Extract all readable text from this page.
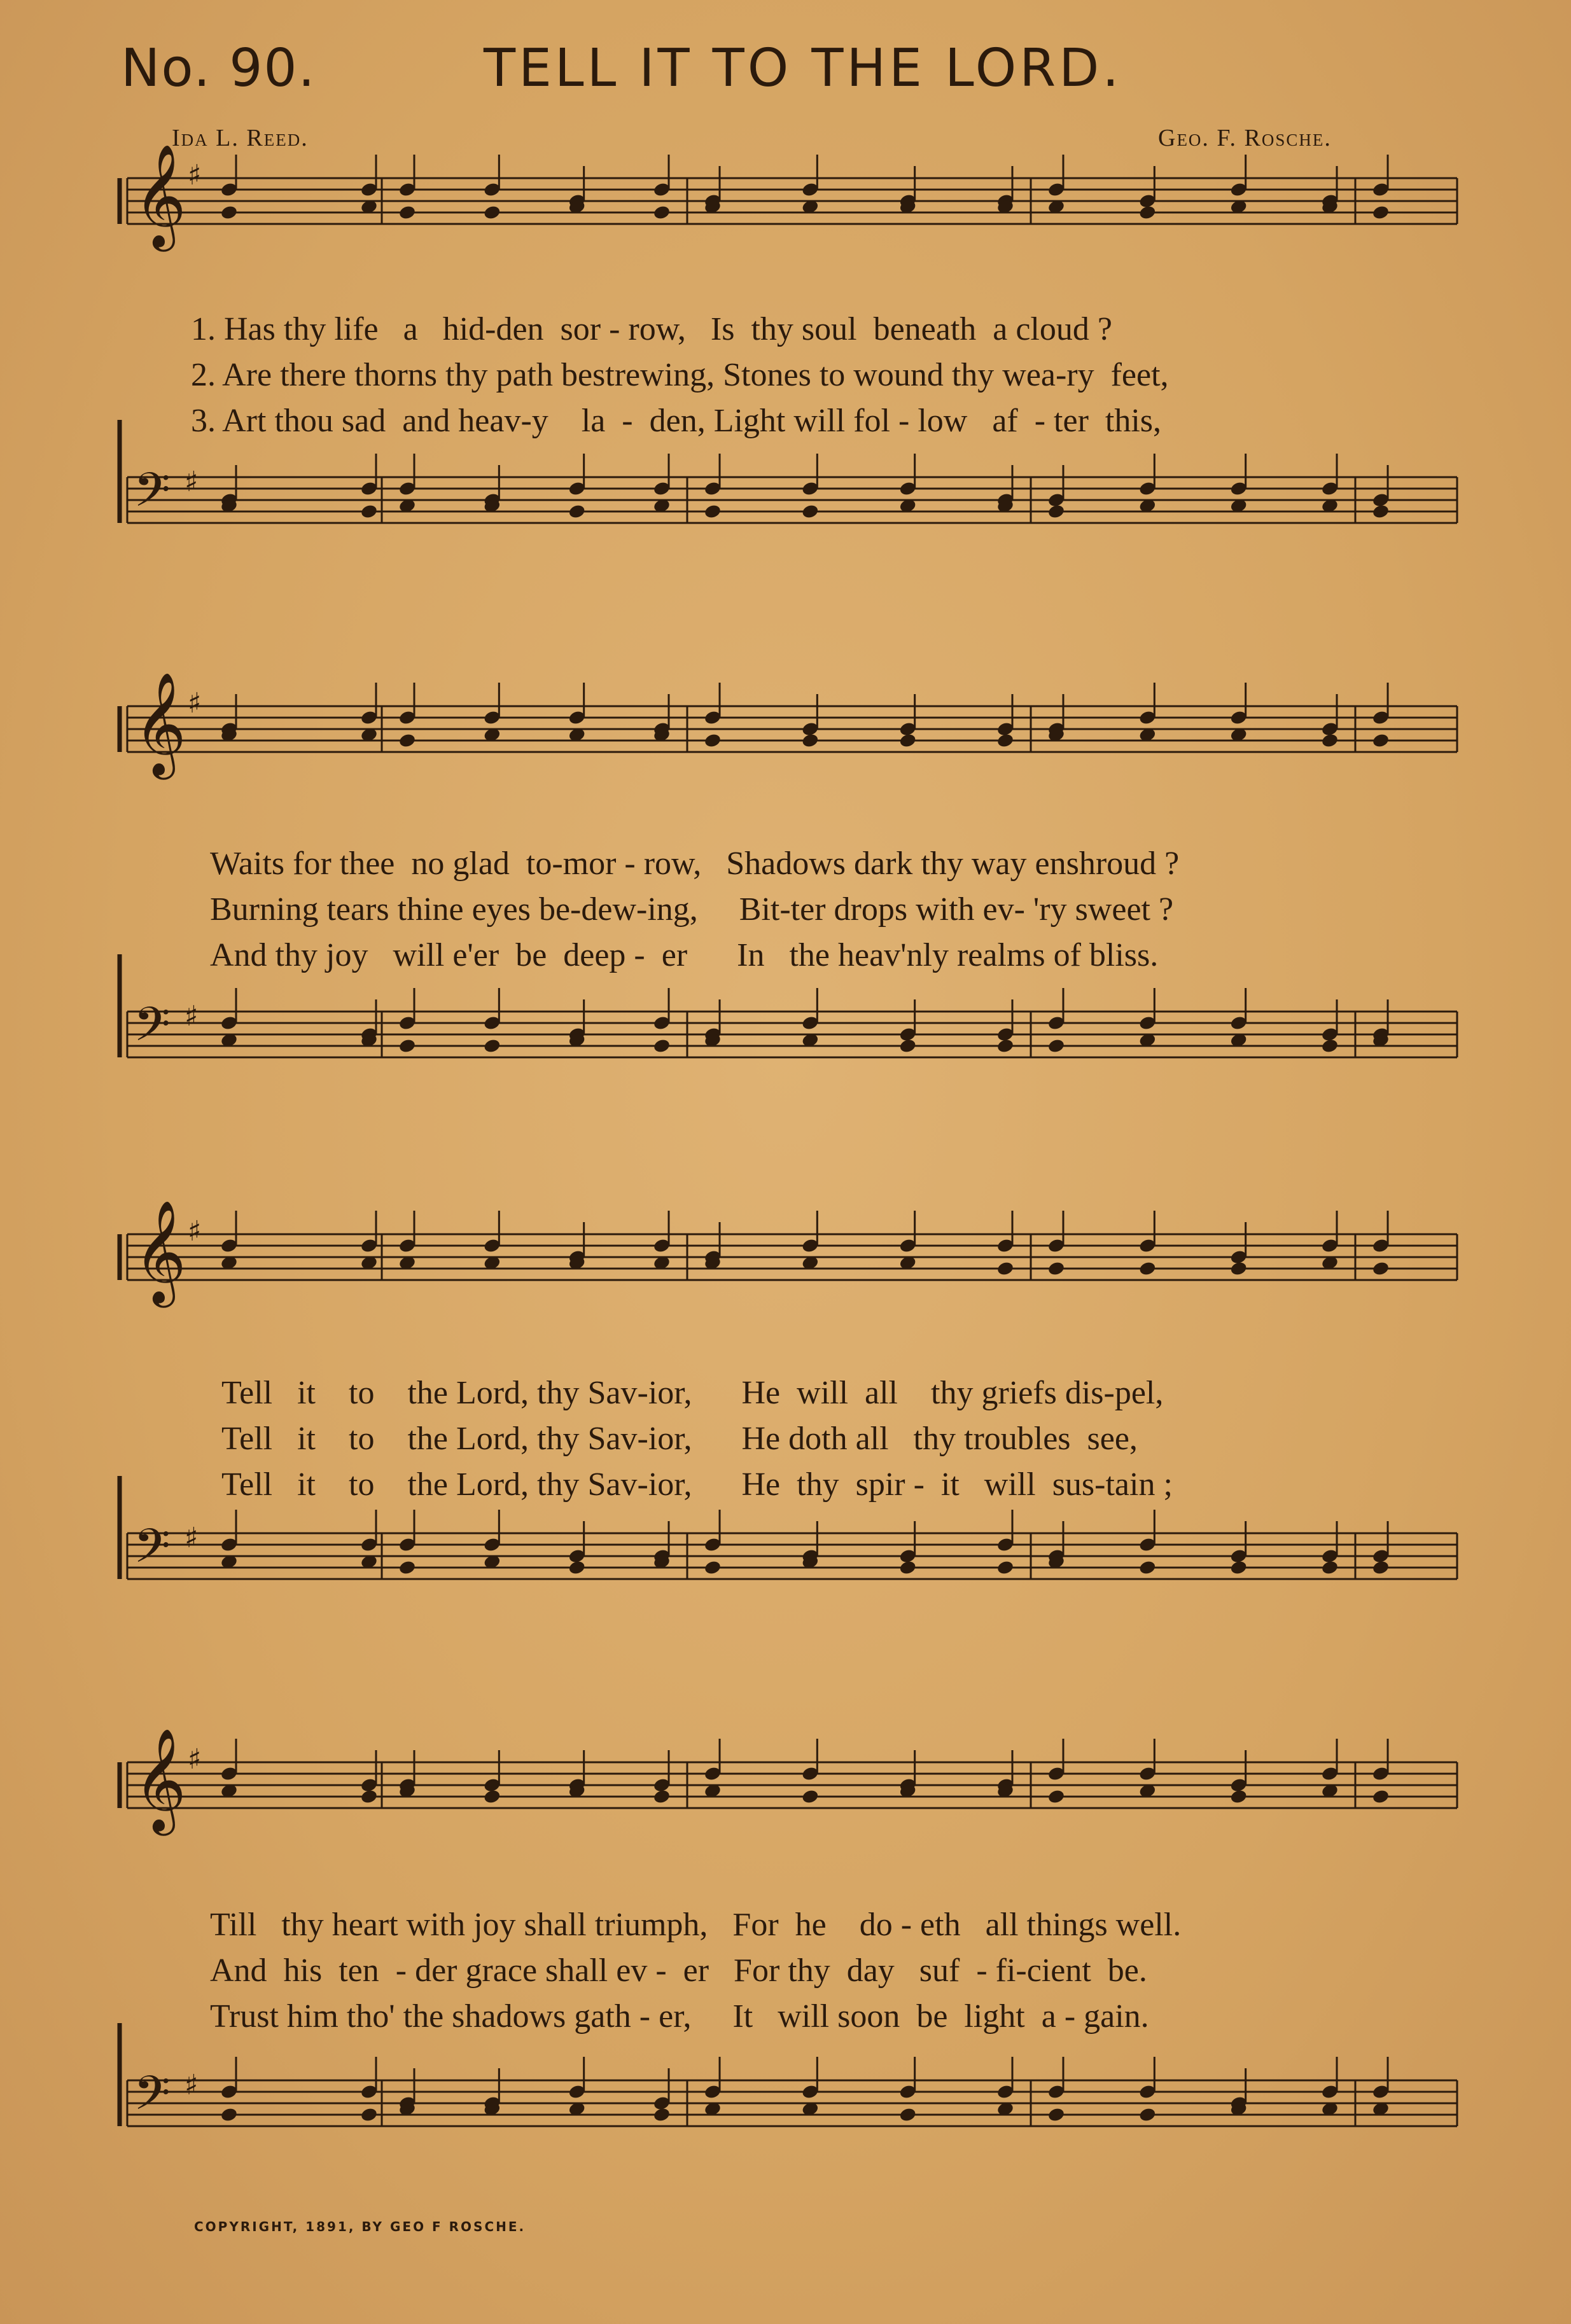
No. 90.	TELL IT TO THE LORD.
Ida L. Reed.	Geo. F. Rosche.
𝄞 ♯
1. Has thy life   a   hid-den  sor - row,   Is  thy soul  beneath  a cloud ?
2. Are there thorns thy path bestrewing, Stones to wound thy wea-ry  feet,
3. Art thou sad  and heav-y    la  -  den, Light will fol - low   af  - ter  this,
𝄢 ♯
𝄞 ♯
Waits for thee  no glad  to-mor - row,   Shadows dark thy way enshroud ?
Burning tears thine eyes be-dew-ing,     Bit-ter drops with ev- 'ry sweet ?
And thy joy   will e'er  be  deep -  er      In   the heav'nly realms of bliss.
𝄢 ♯
𝄞 ♯
Tell   it    to    the Lord, thy Sav-ior,      He  will  all    thy griefs dis-pel,
Tell   it    to    the Lord, thy Sav-ior,      He doth all   thy troubles  see,
Tell   it    to    the Lord, thy Sav-ior,      He  thy  spir -  it   will  sus-tain ;
𝄢 ♯
𝄞 ♯
Till   thy heart with joy shall triumph,   For  he    do - eth   all things well.
And  his  ten  - der grace shall ev -  er   For thy  day   suf  - fi-cient  be.
Trust him tho' the shadows gath - er,     It   will soon  be  light  a - gain.
𝄢 ♯
COPYRIGHT, 1891, BY GEO F ROSCHE.
